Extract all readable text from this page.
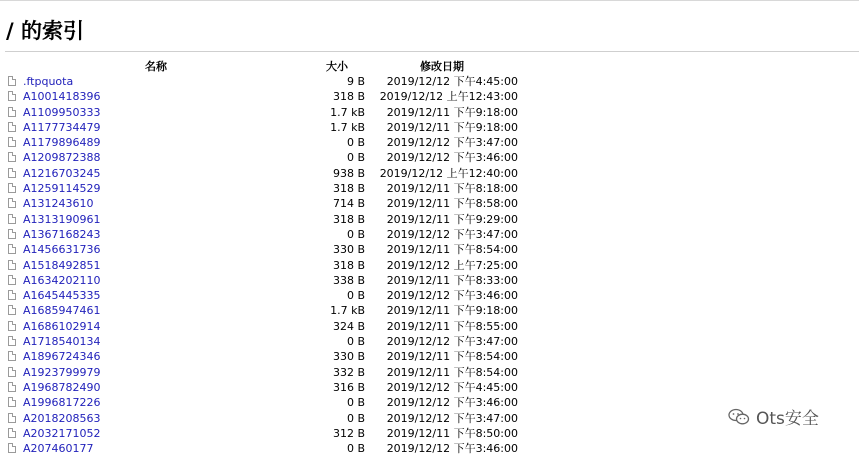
/ 的索引
名称	大小	修改日期
.ftpquota	9 B 2019/12/12 下午4:45:00
A1001418396	318 B 2019/12/12 上午12:43:00
A1109950333	1.7 kB 2019/12/11 下午9:18:00
A1177734479	1.7 kB 2019/12/11 下午9:18:00
A1179896489	0 B 2019/12/12 下午3:47:00
A1209872388	0 B 2019/12/12 下午3:46:00
A1216703245	938 B 2019/12/12 上午12:40:00
A1259114529	318 B 2019/12/11 下午8:18:00
A131243610	714 B 2019/12/11 下午8:58:00
A1313190961	318 B 2019/12/11 下午9:29:00
A1367168243	0 B 2019/12/12 下午3:47:00
A1456631736	330 B 2019/12/11 下午8:54:00
A1518492851	318 B 2019/12/12 上午7:25:00
A1634202110	338 B 2019/12/11 下午8:33:00
A1645445335	0 B 2019/12/12 下午3:46:00
A1685947461	1.7 kB 2019/12/11 下午9:18:00
A1686102914	324 B 2019/12/11 下午8:55:00
A1718540134	0 B 2019/12/12 下午3:47:00
A1896724346	330 B 2019/12/11 下午8:54:00
A1923799979	332 B 2019/12/11 下午8:54:00
A1968782490	316 B 2019/12/12 下午4:45:00
A1996817226	0 B 2019/12/12 下午3:46:00
A2018208563	0 B 2019/12/12 下午3:47:00
A2032171052	312 B 2019/12/11 下午8:50:00
A207460177	0 B 2019/12/12 下午3:46:00
Ots安全
